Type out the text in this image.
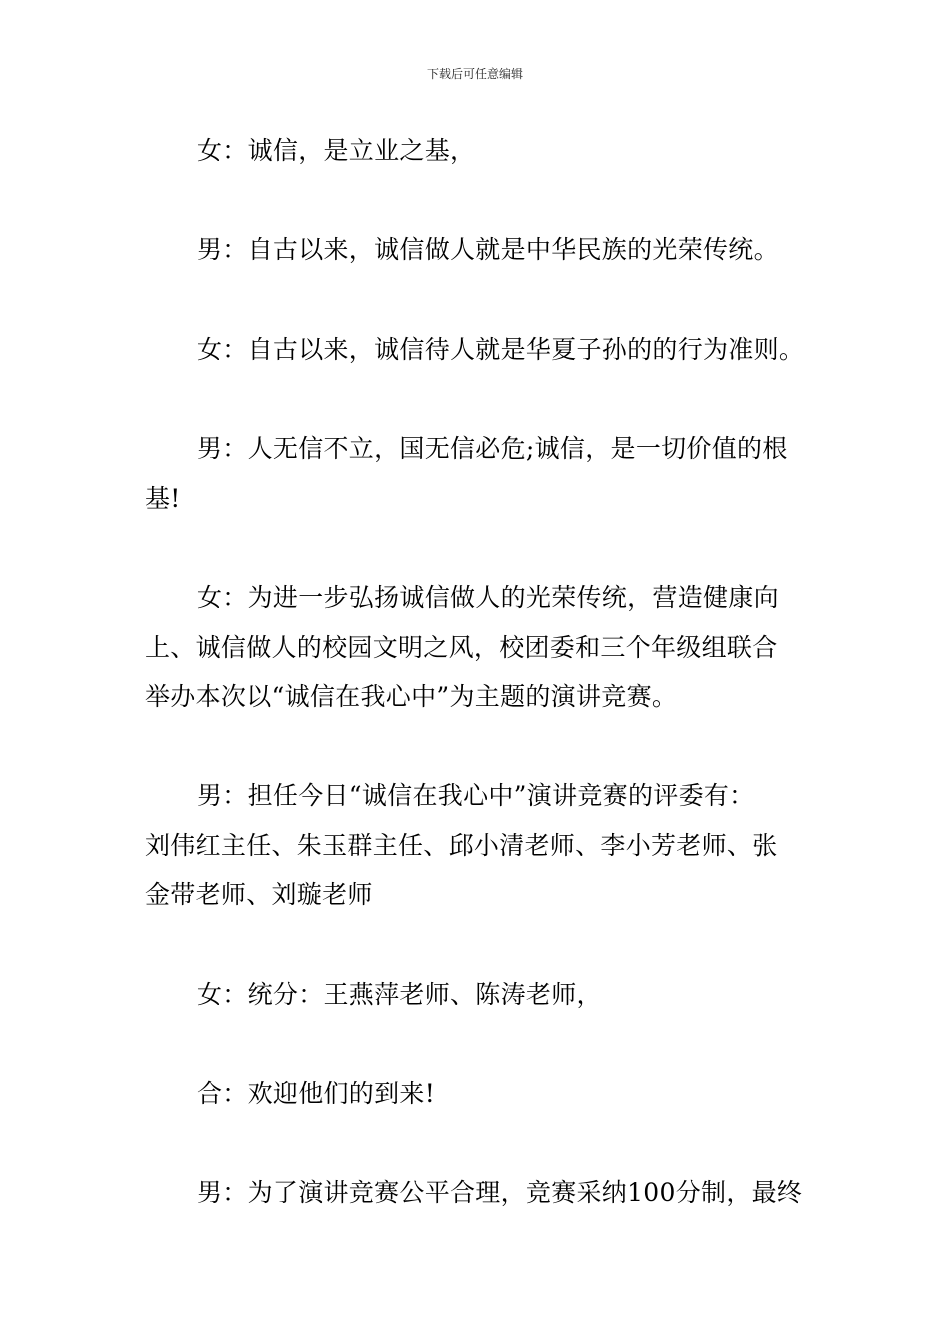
下载后可任意编辑
女：诚信，是立业之基，
男：自古以来，诚信做人就是中华民族的光荣传统。
女：自古以来，诚信待人就是华夏子孙的的行为准则。
男：人无信不立，国无信必危;诚信，是一切价值的根
基!
女：为进一步弘扬诚信做人的光荣传统，营造健康向
上、诚信做人的校园文明之风，校团委和三个年级组联合
举办本次以“诚信在我心中”为主题的演讲竞赛。
男：担任今日“诚信在我心中”演讲竞赛的评委有：
刘伟红主任、朱玉群主任、邱小清老师、李小芳老师、张
金带老师、刘璇老师
女：统分：王燕萍老师、陈涛老师，
合：欢迎他们的到来!
男：为了演讲竞赛公平合理，竞赛采纳100分制，最终
